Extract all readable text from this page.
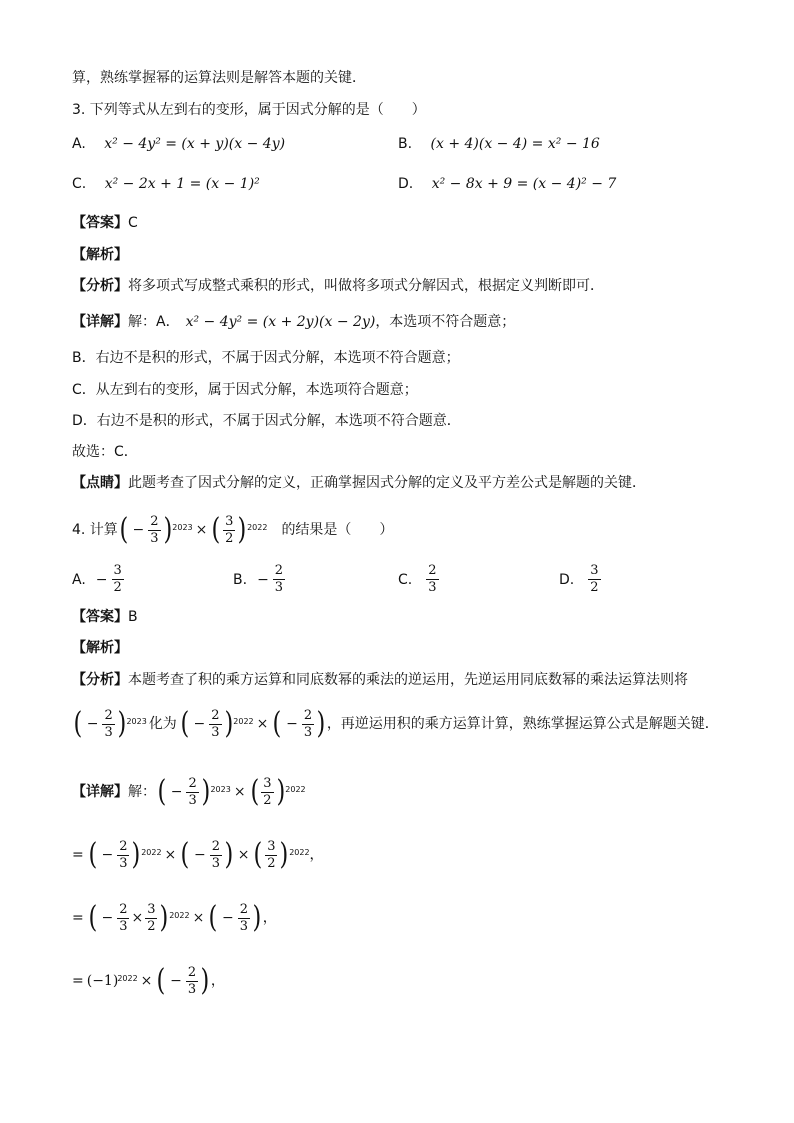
算，熟练掌握幂的运算法则是解答本题的关键．
3. 下列等式从左到右的变形，属于因式分解的是（　　）
A. x² − 4y² = (x + y)(x − 4y)	B. (x + 4)(x − 4) = x² − 16
C. x² − 2x + 1 = (x − 1)²	D. x² − 8x + 9 = (x − 4)² − 7
【答案】C
【解析】
【分析】将多项式写成整式乘积的形式，叫做将多项式分解因式，根据定义判断即可．
【详解】解：A． x² − 4y² = (x + 2y)(x − 2y)，本选项不符合题意；
B．右边不是积的形式，不属于因式分解，本选项不符合题意；
C．从左到右的变形，属于因式分解，本选项符合题意；
D．右边不是积的形式，不属于因式分解，本选项不符合题意．
故选：C．
【点睛】此题考查了因式分解的定义，正确掌握因式分解的定义及平方差公式是解题的关键．
4. 计算 ( − $\frac{2}{3}$ ) 2023 × ( $\frac{3}{2}$ ) 2022 的结果是（　　）
A. − $\frac{3}{2}$	B. − $\frac{2}{3}$	C. $\frac{2}{3}$	D. $\frac{3}{2}$
【答案】B
【解析】
【分析】本题考查了积的乘方运算和同底数幂的乘法的逆运用，先逆运用同底数幂的乘法运算法则将
( − $\frac{2}{3}$ ) 2023 化为 ( − $\frac{2}{3}$ ) 2022 × ( − $\frac{2}{3}$ ) ，再逆运用积的乘方运算计算，熟练掌握运算公式是解题关键．
【详解】 解： ( − $\frac{2}{3}$ ) 2023 × ( $\frac{3}{2}$ ) 2022
= ( − $\frac{2}{3}$ ) 2022 × ( − $\frac{2}{3}$ ) × ( $\frac{3}{2}$ ) 2022 ，
= ( − $\frac{2}{3} \times \frac{3}{2}$ ) 2022 × ( − $\frac{2}{3}$ ) ，
= ( −1 ) 2022 × ( − $\frac{2}{3}$ ) ，
